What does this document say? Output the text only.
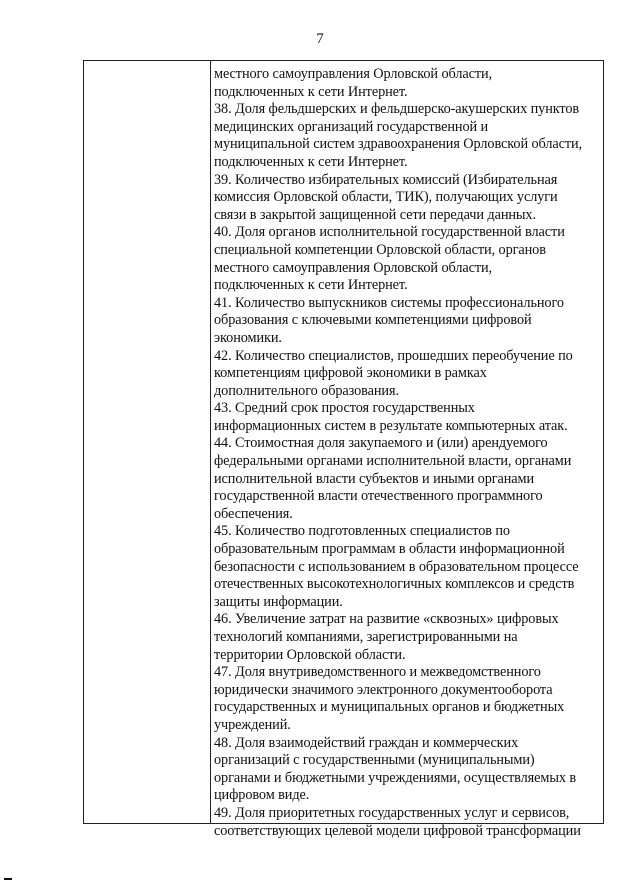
7
местного самоуправления Орловской области,
подключенных к сети Интернет.
38. Доля фельдшерских и фельдшерско-акушерских пунктов
медицинских организаций государственной и
муниципальной систем здравоохранения Орловской области,
подключенных к сети Интернет.
39. Количество избирательных комиссий (Избирательная
комиссия Орловской области, ТИК), получающих услуги
связи в закрытой защищенной сети передачи данных.
40. Доля органов исполнительной государственной власти
специальной компетенции Орловской области, органов
местного самоуправления Орловской области,
подключенных к сети Интернет.
41. Количество выпускников системы профессионального
образования с ключевыми компетенциями цифровой
экономики.
42. Количество специалистов, прошедших переобучение по
компетенциям цифровой экономики в рамках
дополнительного образования.
43. Средний срок простоя государственных
информационных систем в результате компьютерных атак.
44. Стоимостная доля закупаемого и (или) арендуемого
федеральными органами исполнительной власти, органами
исполнительной власти субъектов и иными органами
государственной власти отечественного программного
обеспечения.
45. Количество подготовленных специалистов по
образовательным программам в области информационной
безопасности с использованием в образовательном процессе
отечественных высокотехнологичных комплексов и средств
защиты информации.
46. Увеличение затрат на развитие «сквозных» цифровых
технологий компаниями, зарегистрированными на
территории Орловской области.
47. Доля внутриведомственного и межведомственного
юридически значимого электронного документооборота
государственных и муниципальных органов и бюджетных
учреждений.
48. Доля взаимодействий граждан и коммерческих
организаций с государственными (муниципальными)
органами и бюджетными учреждениями, осуществляемых в
цифровом виде.
49. Доля приоритетных государственных услуг и сервисов,
соответствующих целевой модели цифровой трансформации
